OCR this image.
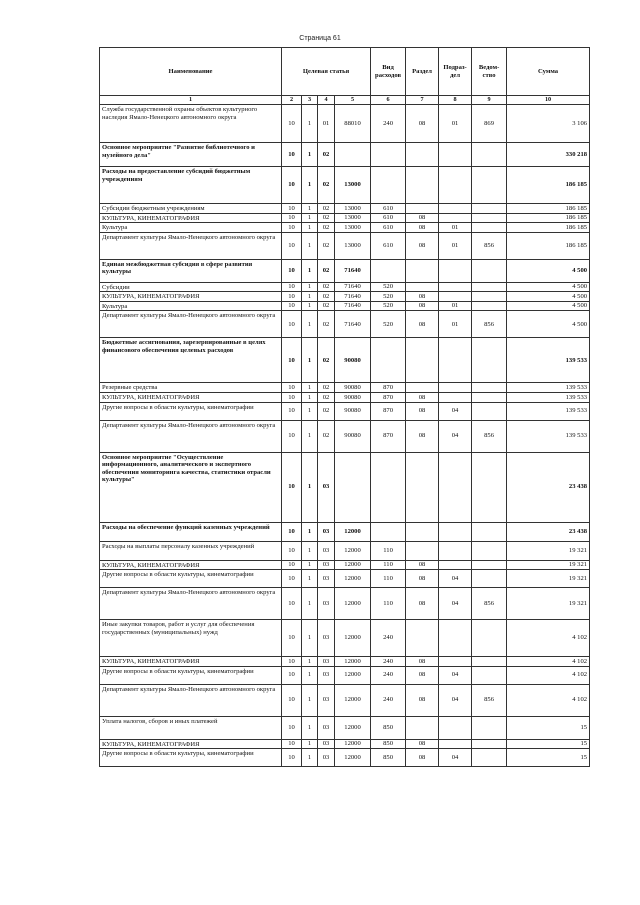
Страница 61
Наименование	Целевая статья				Вид расходов	Раздел	Подраз-дел	Ведом-ство	Сумма
1	2	3	4	5	6	7	8	9	10
Служба государственной охраны объектов культурного наследия Ямало-Ненецкого автономного округа	10	1	01	88010	240	08	01	869	3 106
Основное мероприятие "Развитие библиотечного и музейного дела"	10	1	02						330 218
Расходы на предоставление субсидий бюджетным учреждениям	10	1	02	13000					186 185
Субсидии бюджетным учреждениям	10	1	02	13000	610				186 185
КУЛЬТУРА, КИНЕМАТОГРАФИЯ	10	1	02	13000	610	08			186 185
Культура	10	1	02	13000	610	08	01		186 185
Департамент культуры Ямало-Ненецкого автономного округа	10	1	02	13000	610	08	01	856	186 185
Единая межбюджетная субсидия в сфере развития культуры	10	1	02	71640					4 500
Субсидии	10	1	02	71640	520				4 500
КУЛЬТУРА, КИНЕМАТОГРАФИЯ	10	1	02	71640	520	08			4 500
Культура	10	1	02	71640	520	08	01		4 500
Департамент культуры Ямало-Ненецкого автономного округа	10	1	02	71640	520	08	01	856	4 500
Бюджетные ассигнования, зарезервированные в целях финансового обеспечения целевых расходов	10	1	02	90080					139 533
Резервные средства	10	1	02	90080	870				139 533
КУЛЬТУРА, КИНЕМАТОГРАФИЯ	10	1	02	90080	870	08			139 533
Другие вопросы в области культуры, кинематографии	10	1	02	90080	870	08	04		139 533
Департамент культуры Ямало-Ненецкого автономного округа	10	1	02	90080	870	08	04	856	139 533
Основное мероприятие "Осуществление информационного, аналитического и экспертного обеспечения мониторинга качества, статистики отрасли культуры"	10	1	03						23 438
Расходы на обеспечение функций казенных учреждений	10	1	03	12000					23 438
Расходы на выплаты персоналу казенных учреждений	10	1	03	12000	110				19 321
КУЛЬТУРА, КИНЕМАТОГРАФИЯ	10	1	03	12000	110	08			19 321
Другие вопросы в области культуры, кинематографии	10	1	03	12000	110	08	04		19 321
Департамент культуры Ямало-Ненецкого автономного округа	10	1	03	12000	110	08	04	856	19 321
Иные закупки товаров, работ и услуг для обеспечения государственных (муниципальных) нужд	10	1	03	12000	240				4 102
КУЛЬТУРА, КИНЕМАТОГРАФИЯ	10	1	03	12000	240	08			4 102
Другие вопросы в области культуры, кинематографии	10	1	03	12000	240	08	04		4 102
Департамент культуры Ямало-Ненецкого автономного округа	10	1	03	12000	240	08	04	856	4 102
Уплата налогов, сборов и иных платежей	10	1	03	12000	850				15
КУЛЬТУРА, КИНЕМАТОГРАФИЯ	10	1	03	12000	850	08			15
Другие вопросы в области культуры, кинематографии	10	1	03	12000	850	08	04		15
